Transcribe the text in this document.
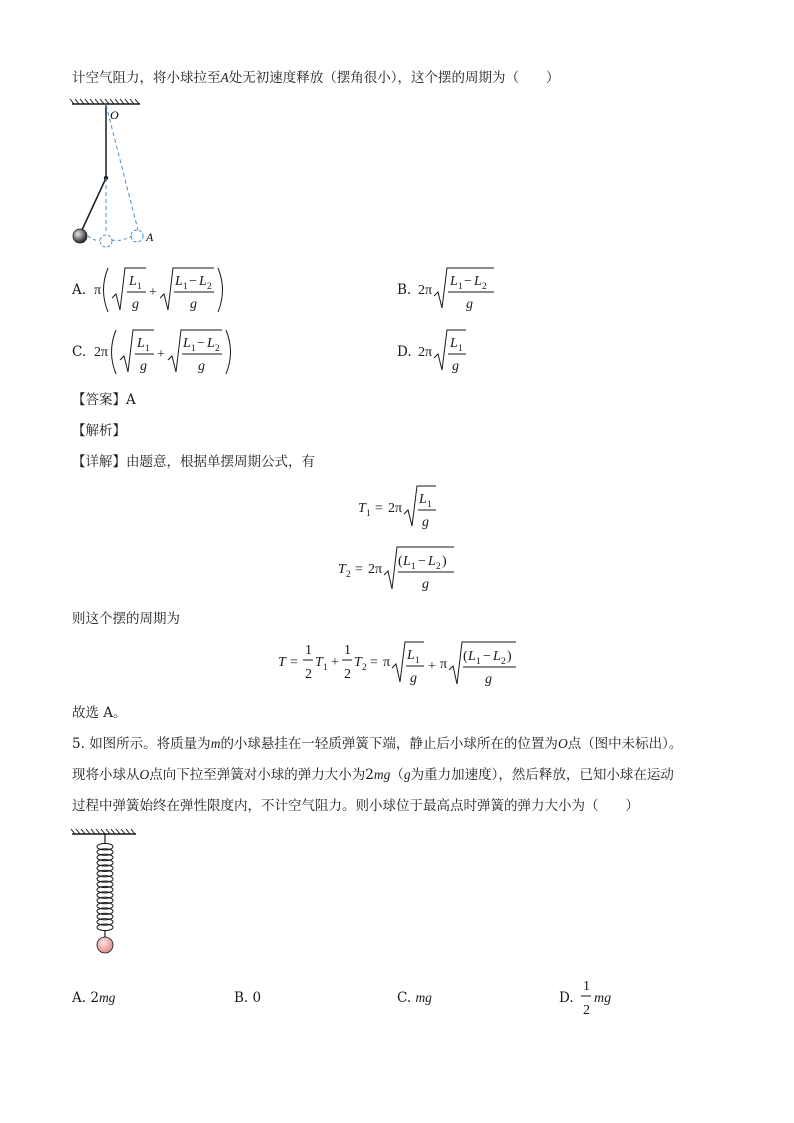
计空气阻力，将小球拉至A处无初速度释放（摆角很小），这个摆的周期为（　　）
O
A
A. π
L 1
g
+
L 1 − L 2
g
B. 2π
L 1 − L 2
g
C. 2π
L 1
g
+
L 1 − L 2
g
D. 2π
L 1
g
【答案】A
【解析】
【详解】由题意，根据单摆周期公式，有
T 1 = 2 π
L 1
g
T 2 = 2 π
( L 1 − L 2 )
g
则这个摆的周期为
T =
1
2
T 1 +
1
2
T 2 = π L 1
g
+ π
( L 1 − L 2 )
g
故选 A。
5. 如图所示。将质量为m的小球悬挂在一轻质弹簧下端，静止后小球所在的位置为O点（图中未标出）。
现将小球从O点向下拉至弹簧对小球的弹力大小为2mg（g为重力加速度），然后释放，已知小球在运动
过程中弹簧始终在弹性限度内，不计空气阻力。则小球位于最高点时弹簧的弹力大小为（　　）
A. 2mg	B. 0	C. mg	D.
1
2
mg
